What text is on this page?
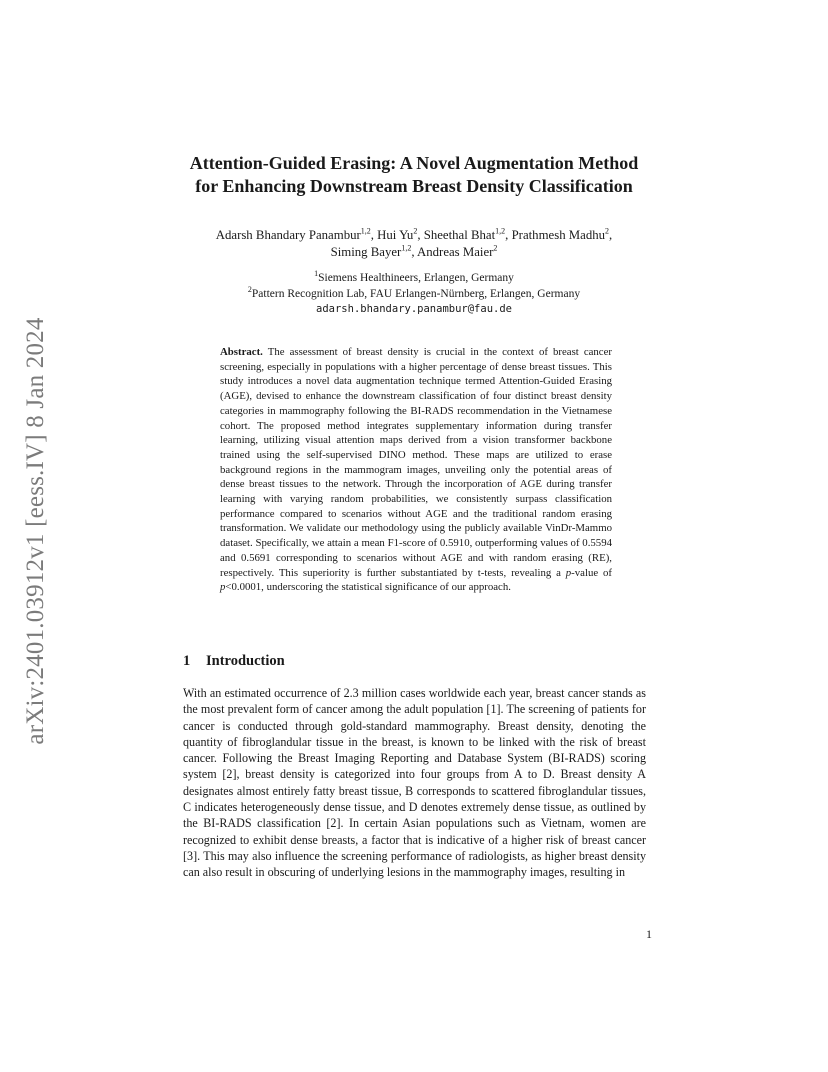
arXiv:2401.03912v1 [eess.IV] 8 Jan 2024
Attention-Guided Erasing: A Novel Augmentation Method
for Enhancing Downstream Breast Density Classification
Adarsh Bhandary Panambur$^{1,2}$, Hui Yu$^2$, Sheethal Bhat$^{1,2}$, Prathmesh Madhu$^2$,
Siming Bayer$^{1,2}$, Andreas Maier$^2$
$^1$Siemens Healthineers, Erlangen, Germany
$^2$Pattern Recognition Lab, FAU Erlangen-Nürnberg, Erlangen, Germany
adarsh.bhandary.panambur@fau.de
Abstract. The assessment of breast density is crucial in the context of breast cancer screening, especially in populations with a higher percentage of dense breast tissues. This study introduces a novel data augmentation technique termed Attention-Guided Erasing (AGE), devised to enhance the downstream classification of four distinct breast density categories in mammography following the BI-RADS recommendation in the Vietnamese cohort. The proposed method integrates supplementary information during transfer learning, utilizing visual attention maps derived from a vision transformer backbone trained using the self-supervised DINO method. These maps are utilized to erase background regions in the mammogram images, unveiling only the potential areas of dense breast tissues to the network. Through the incorporation of AGE during transfer learning with varying random probabilities, we consistently surpass classification performance compared to scenarios without AGE and the traditional random erasing transformation. We validate our methodology using the publicly available VinDr-Mammo dataset. Specifically, we attain a mean F1-score of 0.5910, outperforming values of 0.5594 and 0.5691 corresponding to scenarios without AGE and with random erasing (RE), respectively. This superiority is further substantiated by t-tests, revealing a p-value of p<0.0001, underscoring the statistical significance of our approach.
1 Introduction

With an estimated occurrence of 2.3 million cases worldwide each year, breast cancer stands as the most prevalent form of cancer among the adult population [1]. The screening of patients for cancer is conducted through gold-standard mammography. Breast density, denoting the quantity of fibroglandular tissue in the breast, is known to be linked with the risk of breast cancer. Following the Breast Imaging Reporting and Database System (BI-RADS) scoring system [2], breast density is categorized into four groups from A to D. Breast density A designates almost entirely fatty breast tissue, B corresponds to scattered fibroglandular tissues, C indicates heterogeneously dense tissue, and D denotes extremely dense tissue, as outlined by the BI-RADS classification [2]. In certain Asian populations such as Vietnam, women are recognized to exhibit dense breasts, a factor that is indicative of a higher risk of breast cancer [3]. This may also influence the screening performance of radiologists, as higher breast density can also result in obscuring of underlying lesions in the mammography images, resulting in

1
